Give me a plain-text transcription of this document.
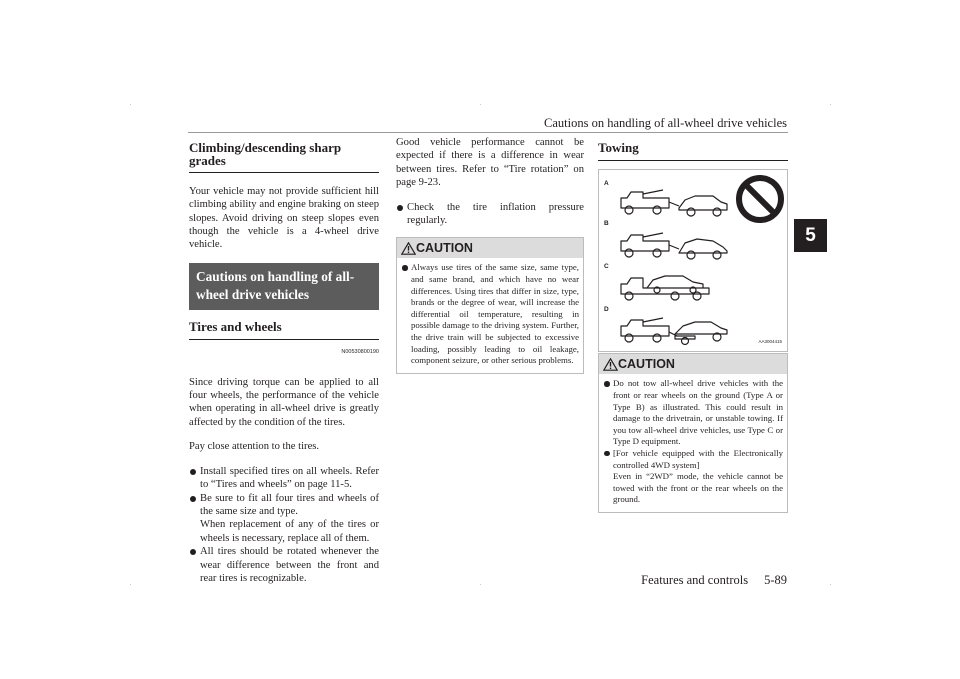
Cautions on handling of all-wheel drive vehicles
5
Climbing/descending sharp grades

Your vehicle may not provide sufficient hill climbing ability and engine braking on steep slopes. Avoid driving on steep slopes even though the vehicle is a 4-wheel drive vehicle.

Cautions on handling of all-wheel drive vehicles
Tires and wheels
N00530800190

Since driving torque can be applied to all four wheels, the performance of the vehicle when operating in all-wheel drive is greatly affected by the condition of the tires.

Pay close attention to the tires.

Install specified tires on all wheels. Refer to “Tires and wheels” on page 11-5.
Be sure to fit all four tires and wheels of the same size and type.
When replacement of any of the tires or wheels is necessary, replace all of them.
All tires should be rotated whenever the wear difference between the front and rear tires is recognizable.

Good vehicle performance cannot be expected if there is a difference in wear between tires. Refer to “Tire rotation” on page 9-23.

Check the tire inflation pressure regularly.
CAUTION
Always use tires of the same size, same type, and same brand, and which have no wear differences. Using tires that differ in size, type, brands or the degree of wear, will increase the differential oil temperature, resulting in possible damage to the driving system. Further, the drive train will be subjected to excessive loading, possibly leading to oil leakage, component seizure, or other serious problems.
Towing
A
B
C
D
AA3004415
CAUTION
Do not tow all-wheel drive vehicles with the front or rear wheels on the ground (Type A or Type B) as illustrated. This could result in damage to the drivetrain, or unstable towing. If you tow all-wheel drive vehicles, use Type C or Type D equipment.
[For vehicle equipped with the Electronically controlled 4WD system]
Even in “2WD” mode, the vehicle cannot be towed with the front or the rear wheels on the ground.
Features and controls 5-89
